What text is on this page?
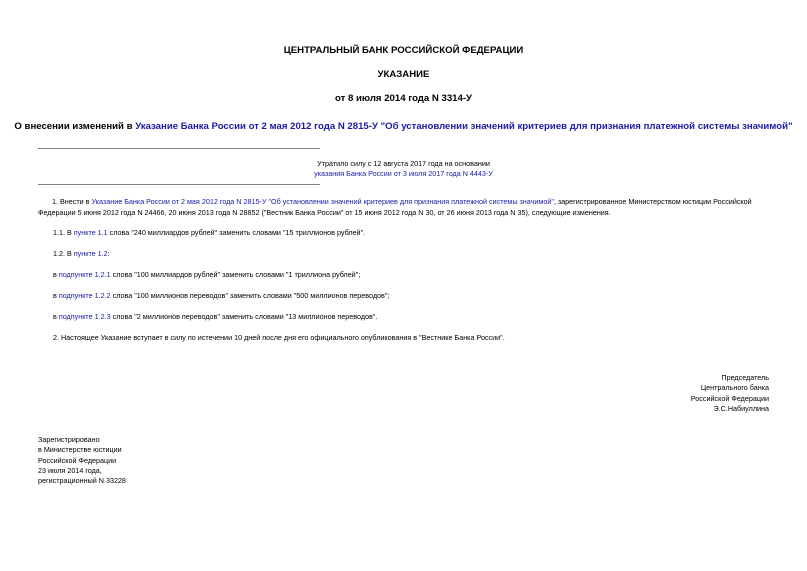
ЦЕНТРАЛЬНЫЙ БАНК РОССИЙСКОЙ ФЕДЕРАЦИИ
УКАЗАНИЕ
от 8 июля 2014 года N 3314-У
О внесении изменений в Указание Банка России от 2 мая 2012 года N 2815-У "Об установлении значений критериев для признания платежной системы значимой"
Утратило силу с 12 августа 2017 года на основании
указания Банка России от 3 июля 2017 года N 4443-У
1. Внести в Указание Банка России от 2 мая 2012 года N 2815-У "Об установлении значений критериев для признания платежной системы значимой", зарегистрированное Министерством юстиции Российской Федерации 5 июня 2012 года N 24466, 20 июня 2013 года N 28852 ("Вестник Банка России" от 15 июня 2012 года N 30, от 26 июня 2013 года N 35), следующие изменения.
1.1. В пункте 1.1 слова "240 миллиардов рублей" заменить словами "15 триллионов рублей".
1.2. В пункте 1.2:
в подпункте 1.2.1 слова "100 миллиардов рублей" заменить словами "1 триллиона рублей";
в подпункте 1.2.2 слова "100 миллионов переводов" заменить словами "500 миллионов переводов";
в подпункте 1.2.3 слова "2 миллионов переводов" заменить словами "13 миллионов переводов".
2. Настоящее Указание вступает в силу по истечении 10 дней после дня его официального опубликования в "Вестнике Банка России".
Председатель
Центрального банка
Российской Федерации
Э.С.Набиуллина
Зарегистрировано
в Министерстве юстиции
Российской Федерации
23 июля 2014 года,
регистрационный N 33228
